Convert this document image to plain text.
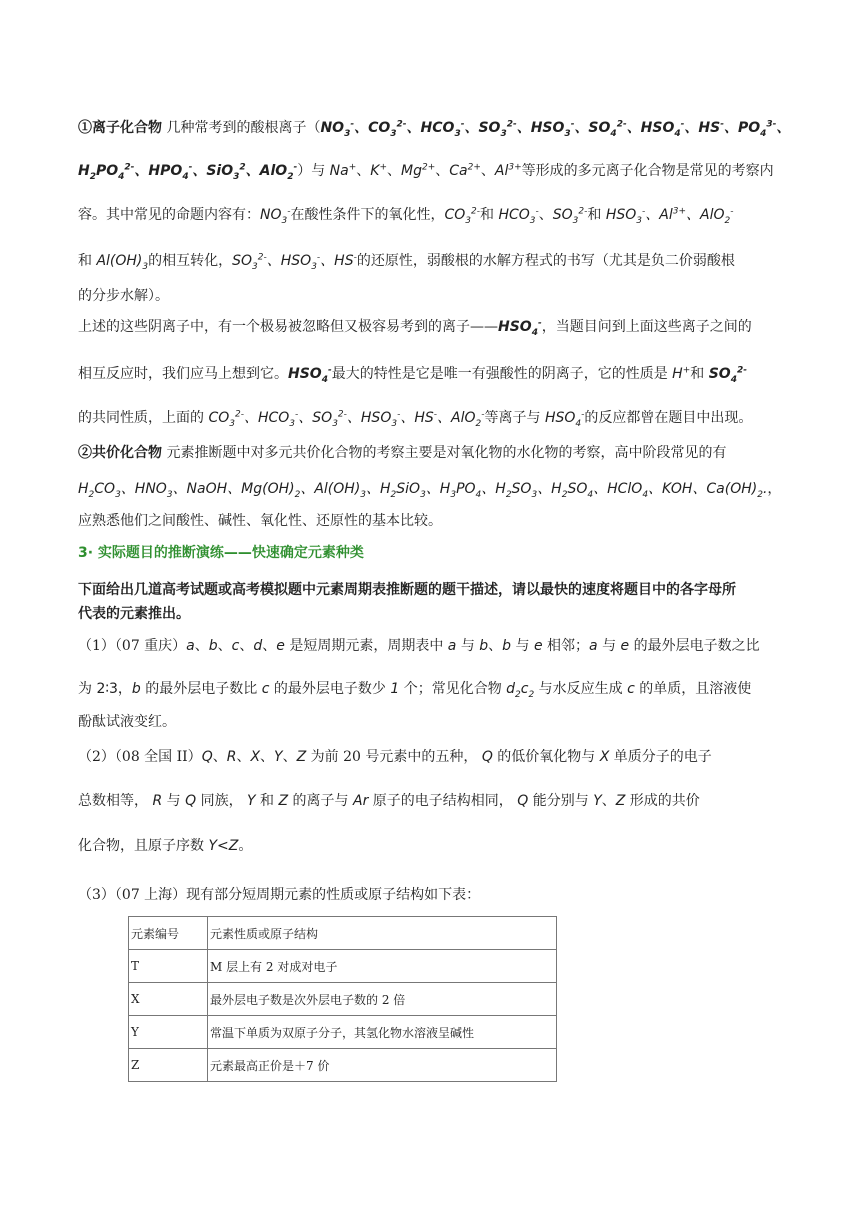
①离子化合物 几种常考到的酸根离子（$NO_3^-$、$CO_3^{2-}$、$HCO_3^-$、$SO_3^{2-}$、$HSO_3^-$、$SO_4^{2-}$、$HSO_4^-$、HS-、$PO_4^{3-}$、
$H_2PO_4^{2-}$、$HPO_4^-$、SiO$_3^2$、AlO$_2$-）与 Na+、K+、$Mg^{2+}$、$Ca^{2+}$、$Al^{3+}$等形成的多元离子化合物是常见的考察内
容。其中常见的命题内容有：$NO_3^-$在酸性条件下的氧化性，$CO_3^{2-}$和 $HCO_3^-$、$SO_3^{2-}$和 $HSO_3^-$、$Al^{3+}$、AlO$_2$-
和 $Al(OH)_3$的相互转化，$SO_3^{2-}$、$HSO_3^-$、HS-的还原性，弱酸根的水解方程式的书写（尤其是负二价弱酸根
的分步水解）。
上述的这些阴离子中，有一个极易被忽略但又极容易考到的离子$——HSO_4^-$，当题目问到上面这些离子之间的
相互反应时，我们应马上想到它。$HSO_4^-$最大的特性是它是唯一有强酸性的阴离子，它的性质是 H+和 $SO_4^{2-}$
的共同性质，上面的 $CO_3^{2-}$、$HCO_3^-$、$SO_3^{2-}$、$HSO_3^-$、HS-、AlO$_2$-等离子与 $HSO_4^-$的反应都曾在题目中出现。
②共价化合物 元素推断题中对多元共价化合物的考察主要是对氧化物的水化物的考察，高中阶段常见的有
$H_2CO_3$、$HNO_3$、NaOH、$Mg(OH)_2$、$Al(OH)_3$、$H_2SiO_3$、$H_3PO_4$、$H_2SO_3$、$H_2SO_4$、HClO$_4$、KOH、$Ca(OH)_2$.，
应熟悉他们之间酸性、碱性、氧化性、还原性的基本比较。
3· 实际题目的推断演练——快速确定元素种类
下面给出几道高考试题或高考模拟题中元素周期表推断题的题干描述，请以最快的速度将题目中的各字母所
代表的元素推出。
（1）（07 重庆）a、b、c、d、e 是短周期元素，周期表中 a 与 b、b 与 e 相邻；a 与 e 的最外层电子数之比
为 2∶3，b 的最外层电子数比 c 的最外层电子数少 1 个；常见化合物 $d_2c_2$ 与水反应生成 c 的单质，且溶液使
酚酞试液变红。
（2）（08 全国 II）Q、R、X、Y、Z 为前 20 号元素中的五种， Q 的低价氧化物与 X 单质分子的电子
总数相等， R 与 Q 同族， Y 和 Z 的离子与 Ar 原子的电子结构相同， Q 能分别与 Y、Z 形成的共价
化合物，且原子序数 Y<Z。
（3）（07 上海）现有部分短周期元素的性质或原子结构如下表：
元素编号	元素性质或原子结构
T	M 层上有 2 对成对电子
X	最外层电子数是次外层电子数的 2 倍
Y	常温下单质为双原子分子，其氢化物水溶液呈碱性
Z	元素最高正价是＋7 价
